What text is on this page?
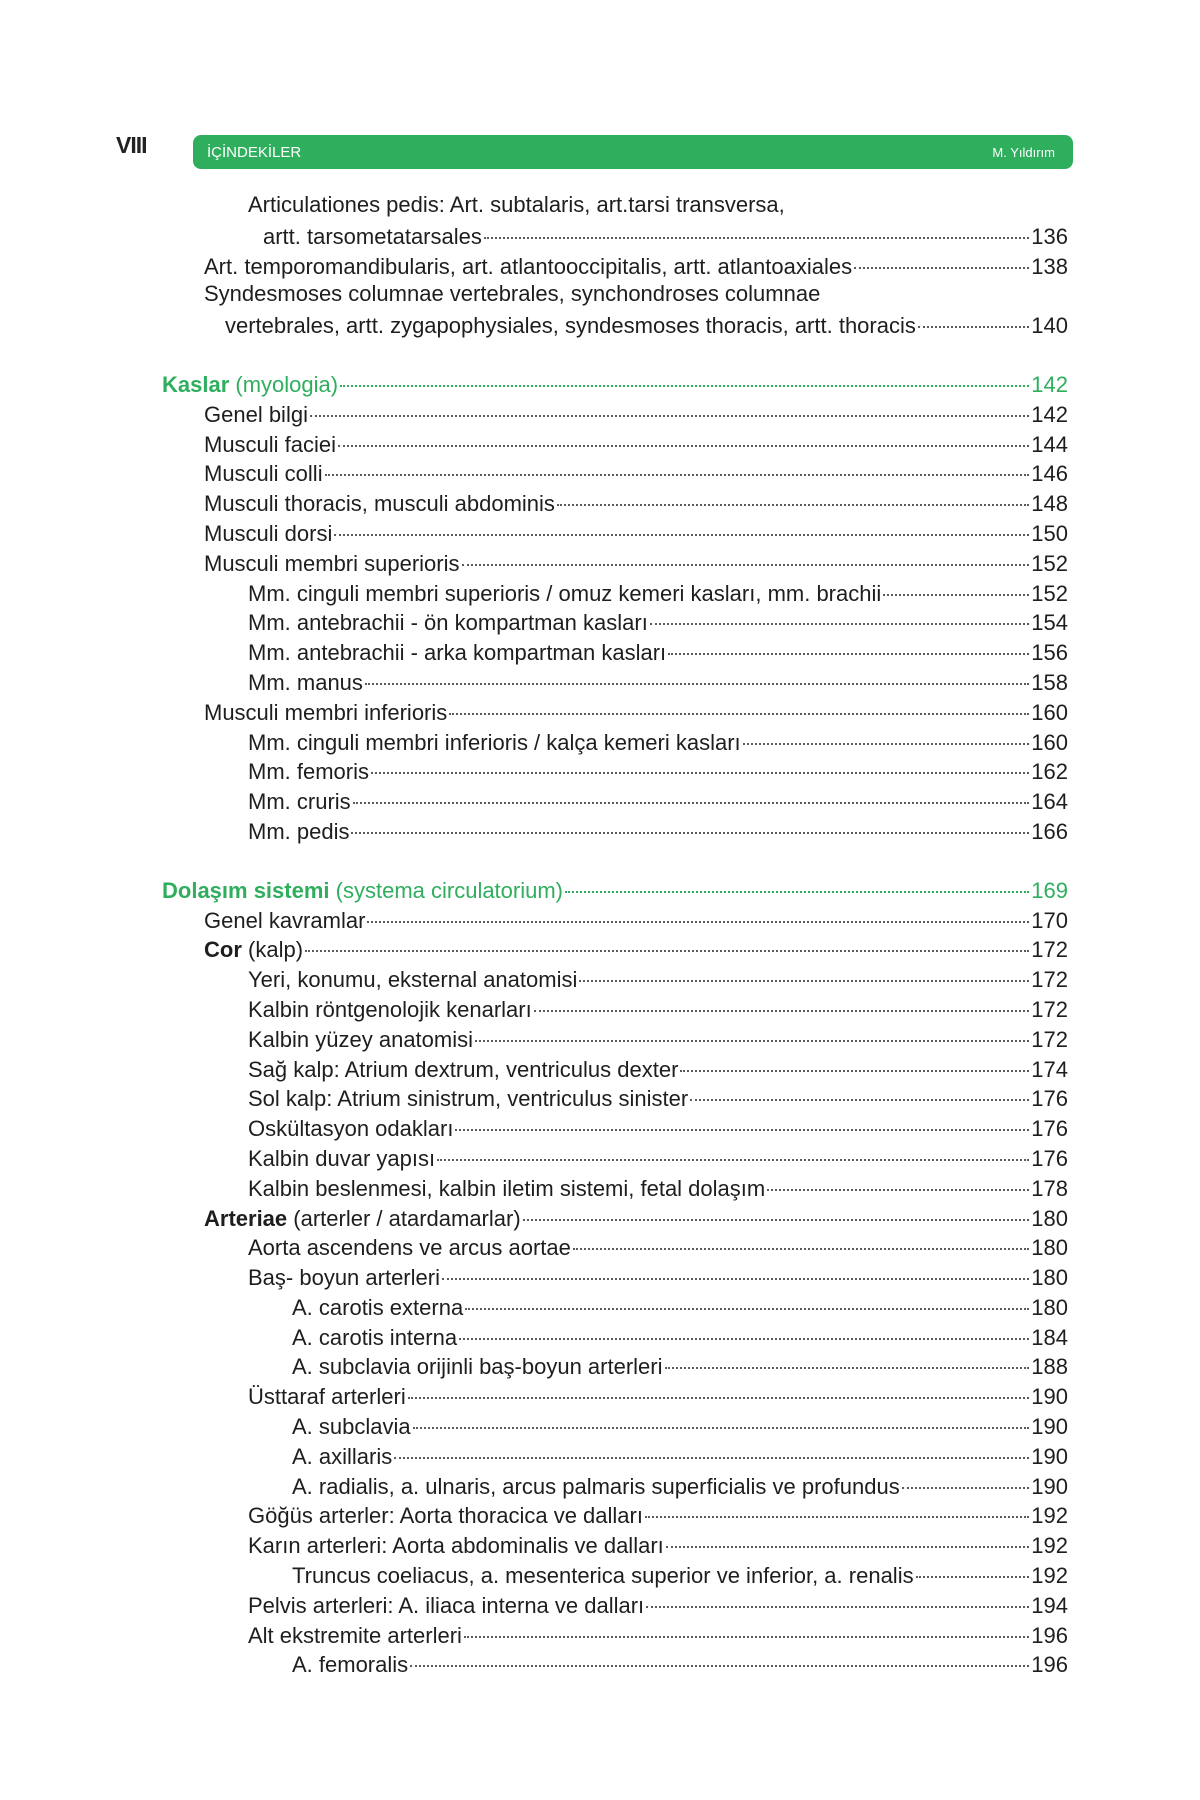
VIII	İÇİNDEKİLER	M. Yıldırım
Articulationes pedis: Art. subtalaris, art.tarsi transversa,
artt. tarsometatarsales	136
Art. temporomandibularis, art. atlantooccipitalis, artt. atlantoaxiales	138
Syndesmoses columnae vertebrales, synchondroses columnae
vertebrales, artt. zygapophysiales, syndesmoses thoracis, artt. thoracis	140
Kaslar (myologia)	142
Genel bilgi	142
Musculi faciei	144
Musculi colli	146
Musculi thoracis, musculi abdominis	148
Musculi dorsi	150
Musculi membri superioris	152
Mm. cinguli membri superioris / omuz kemeri kasları, mm. brachii	152
Mm. antebrachii - ön kompartman kasları	154
Mm. antebrachii - arka kompartman kasları	156
Mm. manus	158
Musculi membri inferioris	160
Mm. cinguli membri inferioris / kalça kemeri kasları	160
Mm. femoris	162
Mm. cruris	164
Mm. pedis	166
Dolaşım sistemi (systema circulatorium)	169
Genel kavramlar	170
Cor (kalp)	172
Yeri, konumu, eksternal anatomisi	172
Kalbin röntgenolojik kenarları	172
Kalbin yüzey anatomisi	172
Sağ kalp: Atrium dextrum, ventriculus dexter	174
Sol kalp: Atrium sinistrum, ventriculus sinister	176
Oskültasyon odakları	176
Kalbin duvar yapısı	176
Kalbin beslenmesi, kalbin iletim sistemi, fetal dolaşım	178
Arteriae (arterler / atardamarlar)	180
Aorta ascendens ve arcus aortae	180
Baş- boyun arterleri	180
A. carotis externa	180
A. carotis interna	184
A. subclavia orijinli baş-boyun arterleri	188
Üsttaraf arterleri	190
A. subclavia	190
A. axillaris	190
A. radialis, a. ulnaris, arcus palmaris superficialis ve profundus	190
Göğüs arterler: Aorta thoracica ve dalları	192
Karın arterleri: Aorta abdominalis ve dalları	192
Truncus coeliacus, a. mesenterica superior ve inferior, a. renalis	192
Pelvis arterleri: A. iliaca interna ve dalları	194
Alt ekstremite arterleri	196
A. femoralis	196
